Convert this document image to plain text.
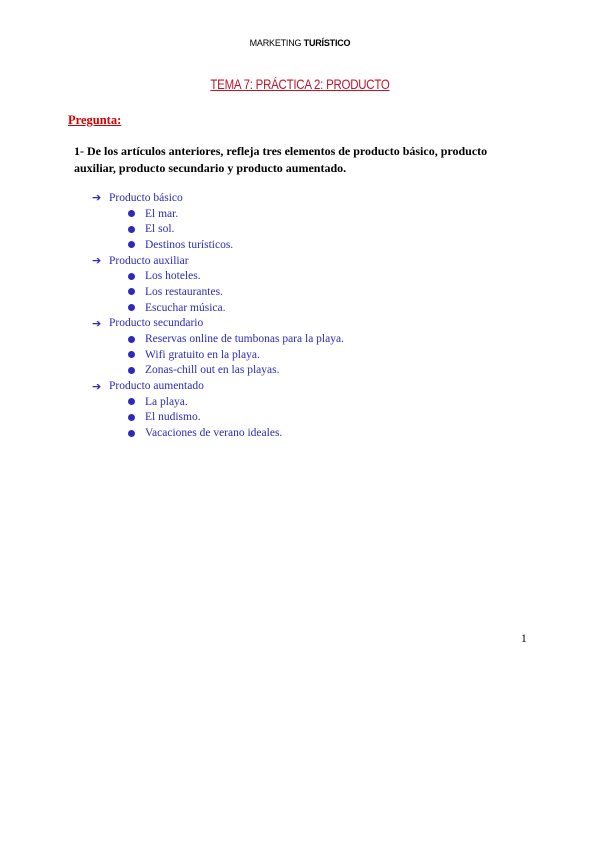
MARKETING TURÍSTICO
TEMA 7: PRÁCTICA 2: PRODUCTO
Pregunta:
1- De los artículos anteriores, refleja tres elementos de producto básico, producto auxiliar, producto secundario y producto aumentado.
➔ Producto básico
El mar.
El sol.
Destinos turísticos.
➔ Producto auxiliar
Los hoteles.
Los restaurantes.
Escuchar música.
➔ Producto secundario
Reservas online de tumbonas para la playa.
Wifi gratuito en la playa.
Zonas-chill out en las playas.
➔ Producto aumentado
La playa.
El nudismo.
Vacaciones de verano ideales.
1
